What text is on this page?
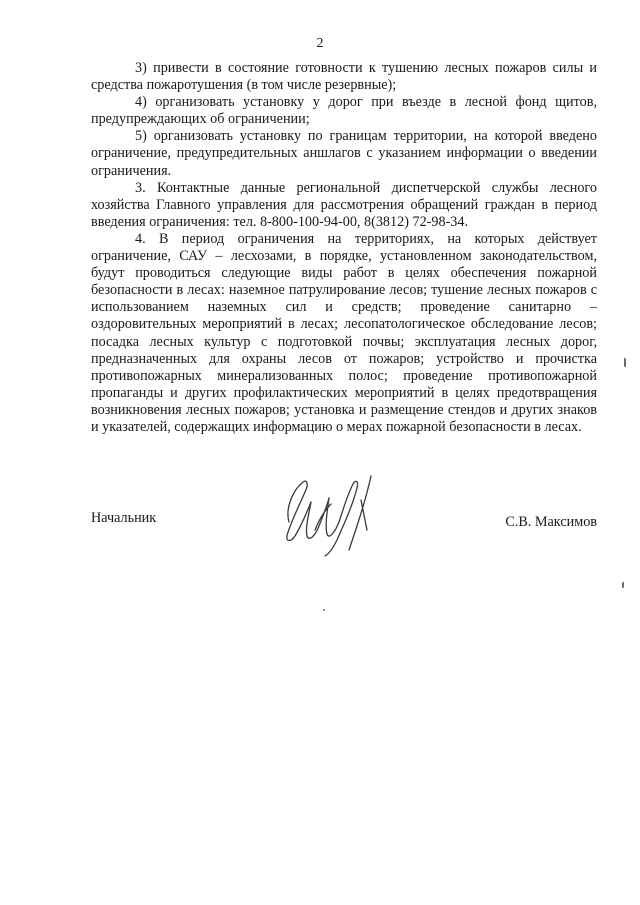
2

3) привести в состояние готовности к тушению лесных пожаров силы и средства пожаротушения (в том числе резервные);

4) организовать установку у дорог при въезде в лесной фонд щитов, предупреждающих об ограничении;

5) организовать установку по границам территории, на которой введено ограничение, предупредительных аншлагов с указанием информации о введении ограничения.

3. Контактные данные региональной диспетчерской службы лесного хозяйства Главного управления для рассмотрения обращений граждан в период введения ограничения: тел. 8-800-100-94-00, 8(3812) 72-98-34.

4. В период ограничения на территориях, на которых действует ограничение, САУ – лесхозами, в порядке, установленном законодательством, будут проводиться следующие виды работ в целях обеспечения пожарной безопасности в лесах: наземное патрулирование лесов; тушение лесных пожаров с использованием наземных сил и средств; проведение санитарно – оздоровительных мероприятий в лесах; лесопатологическое обследование лесов; посадка лесных культур с подготовкой почвы; эксплуатация лесных дорог, предназначенных для охраны лесов от пожаров; устройство и прочистка противопожарных минерализованных полос; проведение противопожарной пропаганды и других профилактических мероприятий в целях предотвращения возникновения лесных пожаров; установка и размещение стендов и других знаков и указателей, содержащих информацию о мерах пожарной безопасности в лесах.

Начальник	С.В. Максимов
